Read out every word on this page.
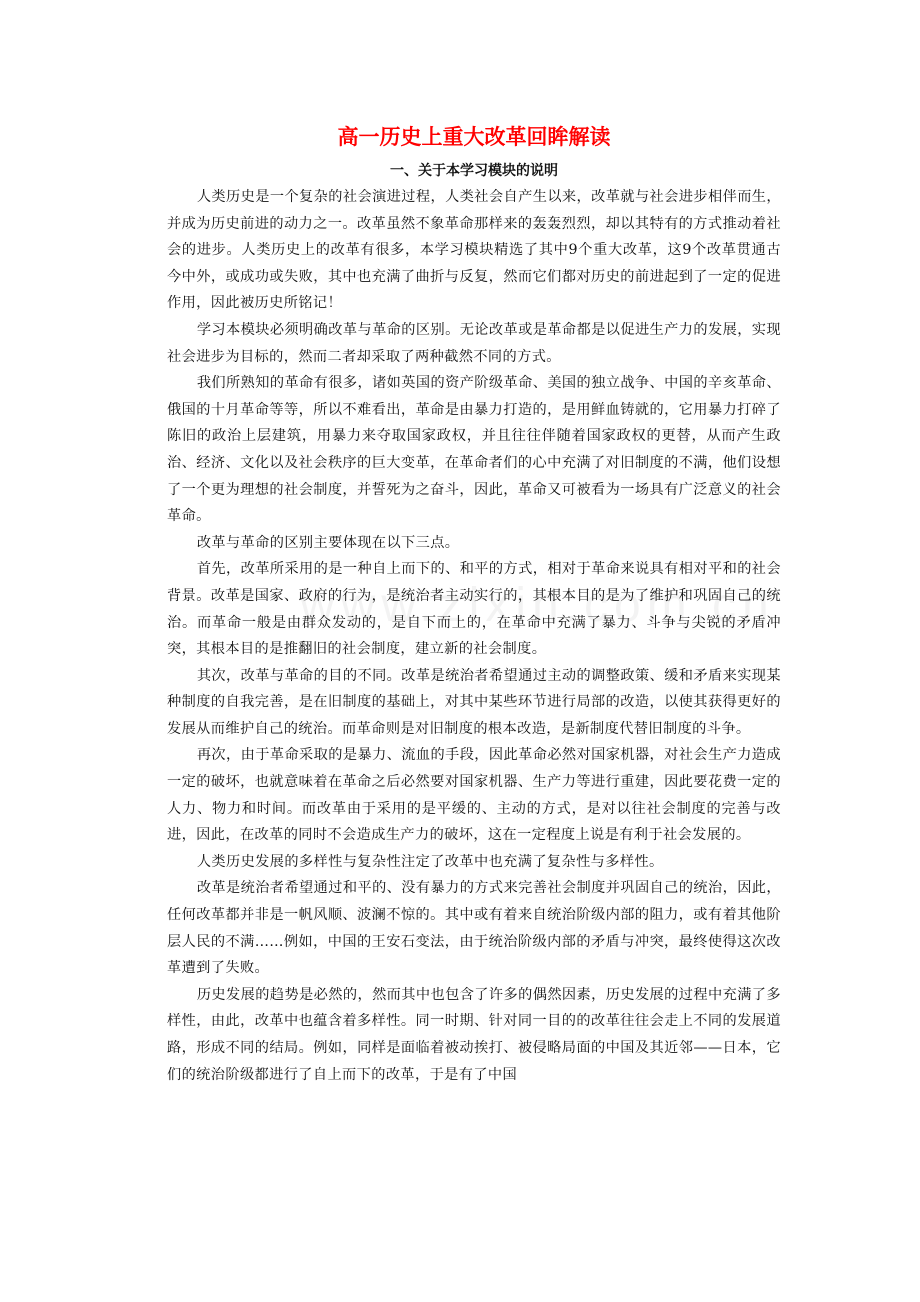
高一历史上重大改革回眸解读
一、关于本学习模块的说明

人类历史是一个复杂的社会演进过程，人类社会自产生以来，改革就与社会进步相伴而生，并成为历史前进的动力之一。改革虽然不象革命那样来的轰轰烈烈，却以其特有的方式推动着社会的进步。人类历史上的改革有很多，本学习模块精选了其中9个重大改革，这9个改革贯通古今中外，或成功或失败，其中也充满了曲折与反复，然而它们都对历史的前进起到了一定的促进作用，因此被历史所铭记！

学习本模块必须明确改革与革命的区别。无论改革或是革命都是以促进生产力的发展，实现社会进步为目标的，然而二者却采取了两种截然不同的方式。

我们所熟知的革命有很多，诸如英国的资产阶级革命、美国的独立战争、中国的辛亥革命、俄国的十月革命等等，所以不难看出，革命是由暴力打造的，是用鲜血铸就的，它用暴力打碎了陈旧的政治上层建筑，用暴力来夺取国家政权，并且往往伴随着国家政权的更替，从而产生政治、经济、文化以及社会秩序的巨大变革，在革命者们的心中充满了对旧制度的不满，他们设想了一个更为理想的社会制度，并誓死为之奋斗，因此，革命又可被看为一场具有广泛意义的社会革命。

改革与革命的区别主要体现在以下三点。

首先，改革所采用的是一种自上而下的、和平的方式，相对于革命来说具有相对平和的社会背景。改革是国家、政府的行为，是统治者主动实行的，其根本目的是为了维护和巩固自己的统治。而革命一般是由群众发动的，是自下而上的，在革命中充满了暴力、斗争与尖锐的矛盾冲突，其根本目的是推翻旧的社会制度，建立新的社会制度。

其次，改革与革命的目的不同。改革是统治者希望通过主动的调整政策、缓和矛盾来实现某种制度的自我完善，是在旧制度的基础上，对其中某些环节进行局部的改造，以使其获得更好的发展从而维护自己的统治。而革命则是对旧制度的根本改造，是新制度代替旧制度的斗争。

再次，由于革命采取的是暴力、流血的手段，因此革命必然对国家机器，对社会生产力造成一定的破坏，也就意味着在革命之后必然要对国家机器、生产力等进行重建，因此要花费一定的人力、物力和时间。而改革由于采用的是平缓的、主动的方式，是对以往社会制度的完善与改进，因此，在改革的同时不会造成生产力的破坏，这在一定程度上说是有利于社会发展的。

人类历史发展的多样性与复杂性注定了改革中也充满了复杂性与多样性。

改革是统治者希望通过和平的、没有暴力的方式来完善社会制度并巩固自己的统治，因此，任何改革都并非是一帆风顺、波澜不惊的。其中或有着来自统治阶级内部的阻力，或有着其他阶层人民的不满……例如，中国的王安石变法，由于统治阶级内部的矛盾与冲突，最终使得这次改革遭到了失败。

历史发展的趋势是必然的，然而其中也包含了许多的偶然因素，历史发展的过程中充满了多样性，由此，改革中也蕴含着多样性。同一时期、针对同一目的的改革往往会走上不同的发展道路，形成不同的结局。例如，同样是面临着被动挨打、被侵略局面的中国及其近邻——日本，它们的统治阶级都进行了自上而下的改革，于是有了中国
